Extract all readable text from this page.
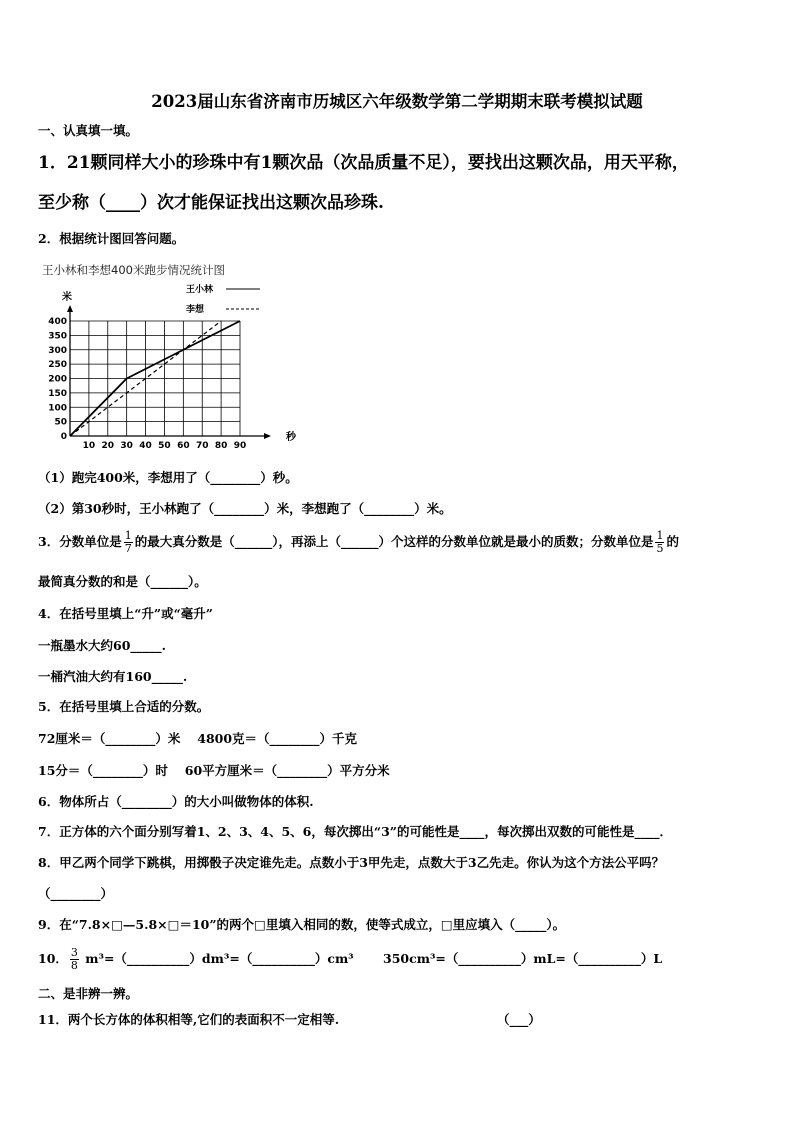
2023届山东省济南市历城区六年级数学第二学期期末联考模拟试题
一、认真填一填。
1．21颗同样大小的珍珠中有1颗次品（次品质量不足），要找出这颗次品，用天平称，
至少称（____）次才能保证找出这颗次品珍珠.
2．根据统计图回答问题。
王小林和李想400米跑步情况统计图
米
秒
10 20 30 40 50 60 70 80 90
0
50
100
150
200
250
300
350
400
王小林
李想
（1）跑完400米，李想用了（________）秒。
（2）第30秒时，王小林跑了（________）米，李想跑了（________）米。
3．分数单位是 $\frac{1}{7}$ 的最大真分数是（______），再添上（______）个这样的分数单位就是最小的质数；分数单位是 $\frac{1}{5}$ 的
最简真分数的和是（______）。
4．在括号里填上“升”或“毫升”
一瓶墨水大约60_____.
一桶汽油大约有160_____.
5．在括号里填上合适的分数。
72厘米＝（________）米　 4800克＝（________）千克
15分＝（________）时　 60平方厘米＝（________）平方分米
6．物体所占（________）的大小叫做物体的体积.
7．正方体的六个面分别写着1、2、3、4、5、6，每次掷出“3”的可能性是____，每次掷出双数的可能性是____．
8．甲乙两个同学下跳棋，用掷骰子决定谁先走。点数小于3甲先走，点数大于3乙先走。你认为这个方法公平吗？
（________）
9．在“7.8×□—5.8×□＝10”的两个□里填入相同的数，使等式成立，□里应填入（_____）。
10． $\frac{3}{8}$ m³=（__________）dm³=（__________）cm³　　 350cm³=（__________）mL=（__________）L
二、是非辨一辨。
11．两个长方体的体积相等,它们的表面积不一定相等.	（___）
